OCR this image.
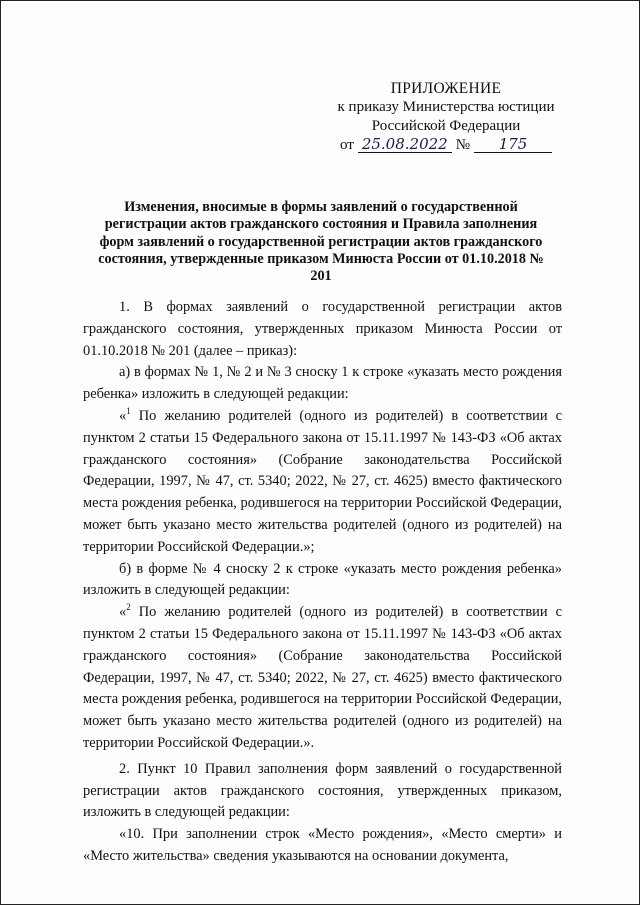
ПРИЛОЖЕНИЕ
к приказу Министерства юстиции
Российской Федерации
от 25.08.2022 №	175
Изменения, вносимые в формы заявлений о государственной регистрации актов гражданского состояния и Правила заполнения форм заявлений о государственной регистрации актов гражданского состояния, утвержденные приказом Минюста России от 01.10.2018 № 201

1. В формах заявлений о государственной регистрации актов гражданского состояния, утвержденных приказом Минюста России от 01.10.2018 № 201 (далее – приказ):

а) в формах № 1, № 2 и № 3 сноску 1 к строке «указать место рождения ребенка» изложить в следующей редакции:

«$^1$ По желанию родителей (одного из родителей) в соответствии с пунктом 2 статьи 15 Федерального закона от 15.11.1997 № 143-ФЗ «Об актах гражданского состояния» (Собрание законодательства Российской Федерации, 1997, № 47, ст. 5340; 2022, № 27, ст. 4625) вместо фактического места рождения ребенка, родившегося на территории Российской Федерации, может быть указано место жительства родителей (одного из родителей) на территории Российской Федерации.»;

б) в форме № 4 сноску 2 к строке «указать место рождения ребенка» изложить в следующей редакции:

«$^2$ По желанию родителей (одного из родителей) в соответствии с пунктом 2 статьи 15 Федерального закона от 15.11.1997 № 143-ФЗ «Об актах гражданского состояния» (Собрание законодательства Российской Федерации, 1997, № 47, ст. 5340; 2022, № 27, ст. 4625) вместо фактического места рождения ребенка, родившегося на территории Российской Федерации, может быть указано место жительства родителей (одного из родителей) на территории Российской Федерации.».

2. Пункт 10 Правил заполнения форм заявлений о государственной регистрации актов гражданского состояния, утвержденных приказом, изложить в следующей редакции:

«10. При заполнении строк «Место рождения», «Место смерти» и «Место жительства» сведения указываются на основании документа,
